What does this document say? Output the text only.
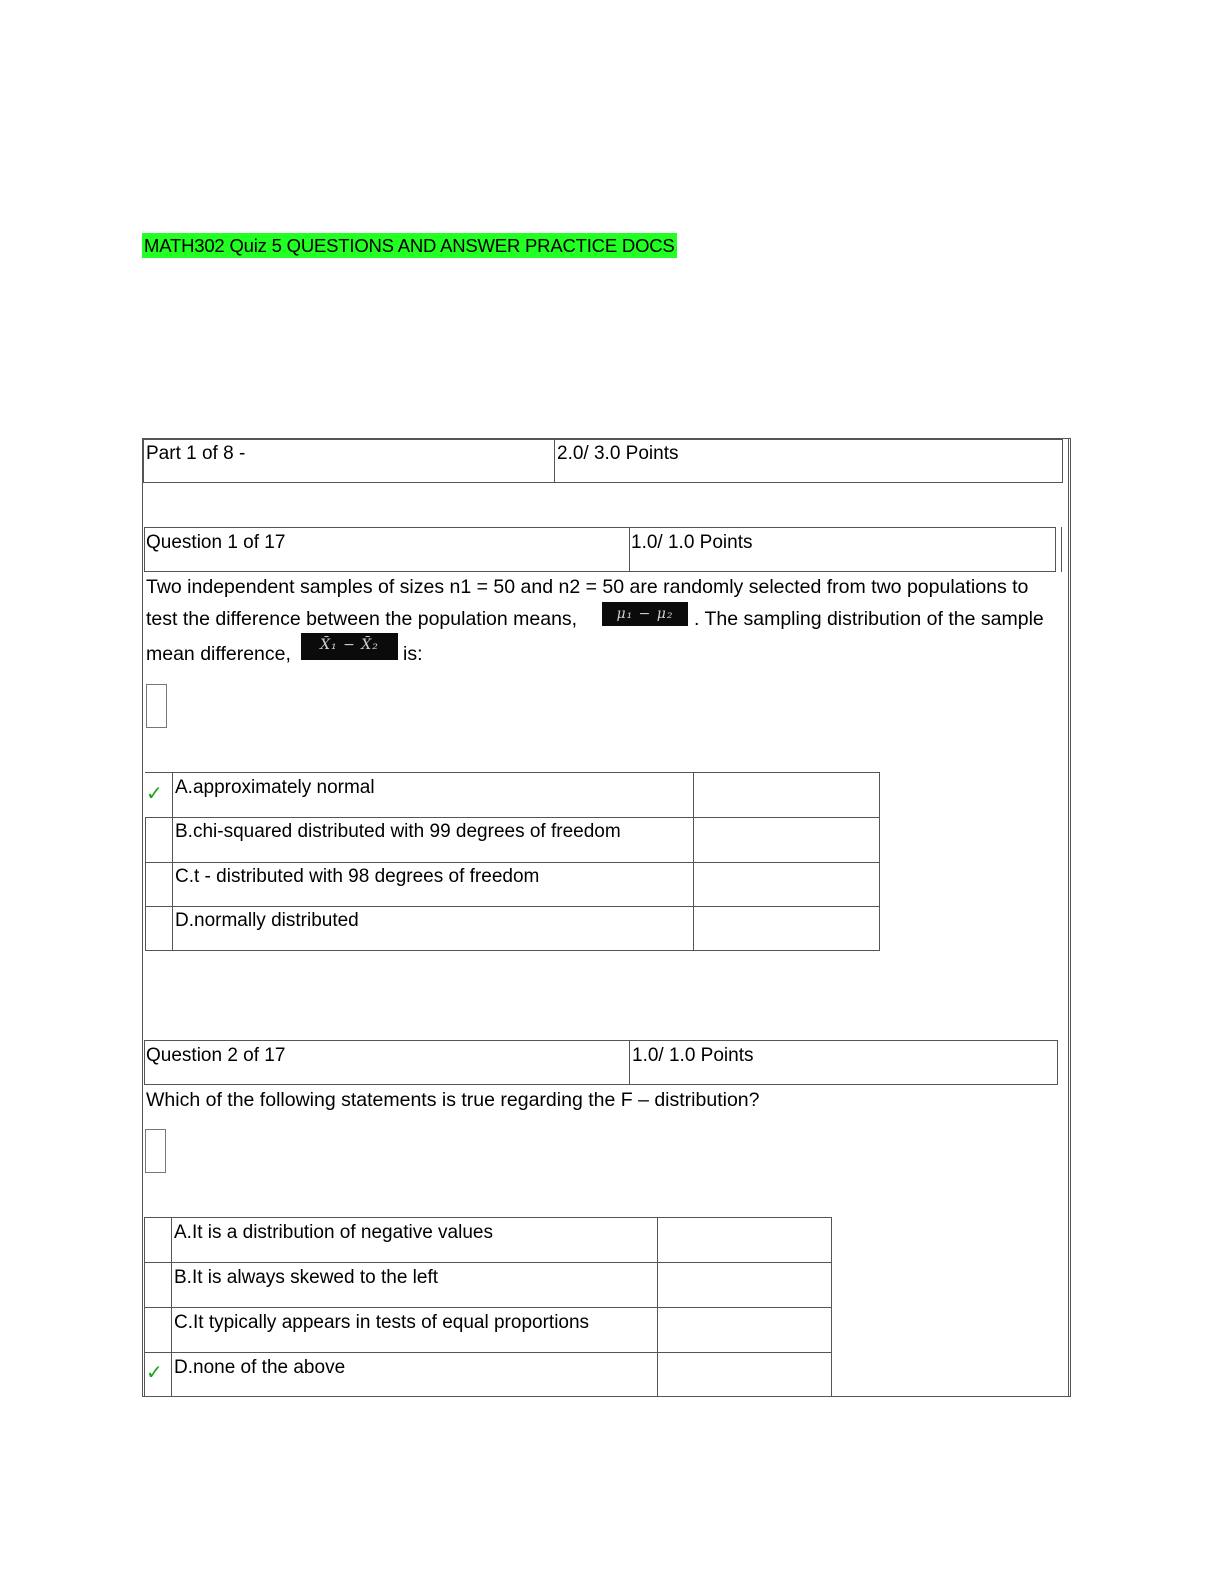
MATH302 Quiz 5 QUESTIONS AND ANSWER PRACTICE DOCS
Part 1 of 8 -	2.0/ 3.0 Points
Question 1 of 17	1.0/ 1.0 Points
Two independent samples of sizes n1 = 50 and n2 = 50 are randomly selected from two populations to
test the difference between the population means,	μ₁ − μ₂	. The sampling distribution of the sample
mean difference,	X̄₁ − X̄₂	is:
✓ A.approximately normal
B.chi-squared distributed with 99 degrees of freedom
C.t - distributed with 98 degrees of freedom
D.normally distributed
Question 2 of 17	1.0/ 1.0 Points
Which of the following statements is true regarding the F – distribution?
A.It is a distribution of negative values
B.It is always skewed to the left
C.It typically appears in tests of equal proportions
✓ D.none of the above
